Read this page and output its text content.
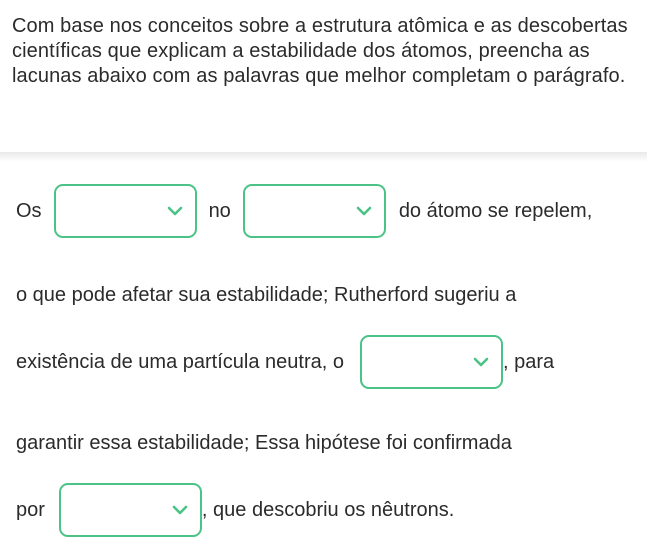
Com base nos conceitos sobre a estrutura atômica e as descobertas científicas que explicam a estabilidade dos átomos, preencha as lacunas abaixo com as palavras que melhor completam o parágrafo.
Os	no	do átomo se repelem,
o que pode afetar sua estabilidade; Rutherford sugeriu a
existência de uma partícula neutra, o	, para
garantir essa estabilidade; Essa hipótese foi confirmada
por	, que descobriu os nêutrons.
